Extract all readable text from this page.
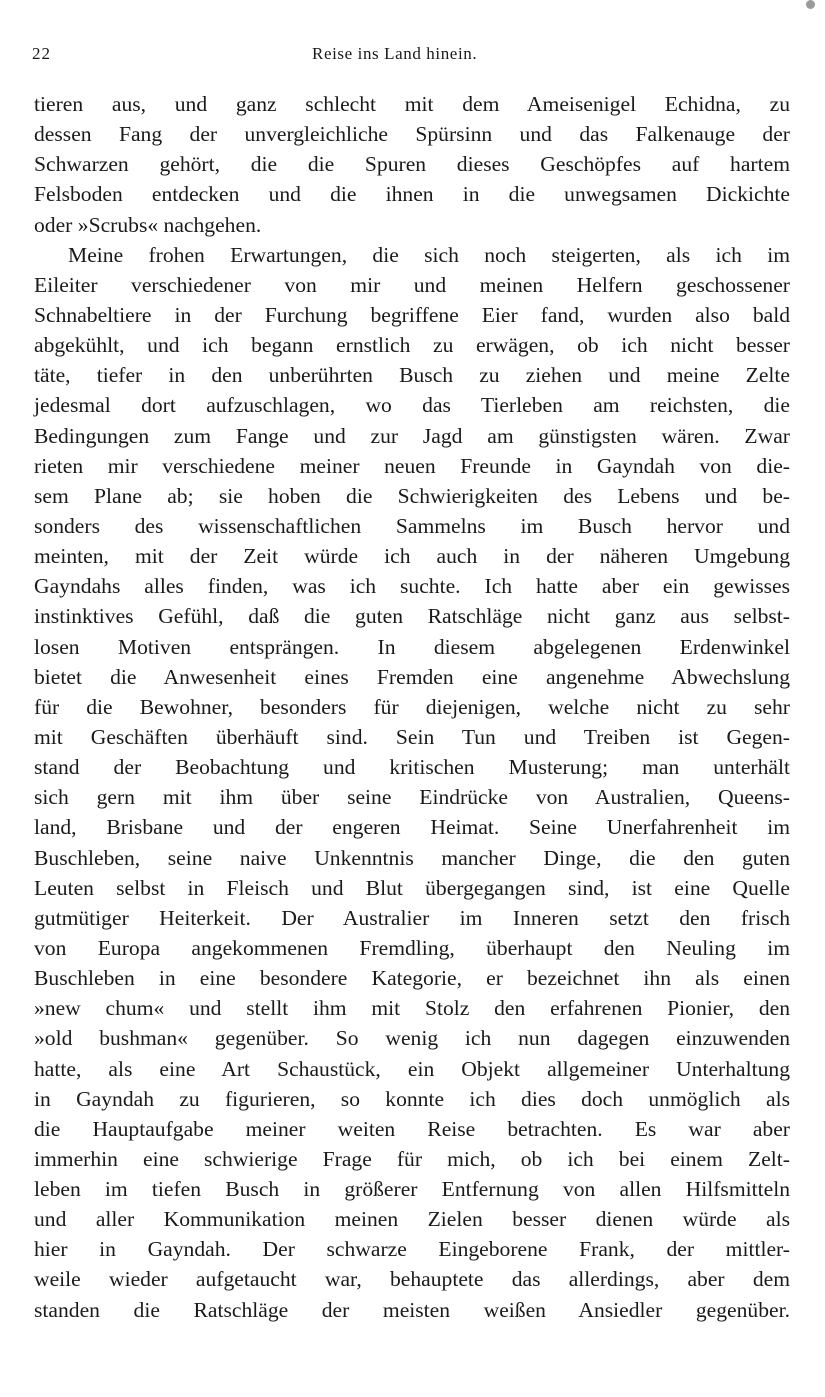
22	Reise ins Land hinein.
tieren aus, und ganz schlecht mit dem Ameisenigel Echidna, zu
dessen Fang der unvergleichliche Spürsinn und das Falkenauge der
Schwarzen gehört, die die Spuren dieses Geschöpfes auf hartem
Felsboden entdecken und die ihnen in die unwegsamen Dickichte
oder »Scrubs« nachgehen.
Meine frohen Erwartungen, die sich noch steigerten, als ich im
Eileiter verschiedener von mir und meinen Helfern geschossener
Schnabeltiere in der Furchung begriffene Eier fand, wurden also bald
abgekühlt, und ich begann ernstlich zu erwägen, ob ich nicht besser
täte, tiefer in den unberührten Busch zu ziehen und meine Zelte
jedesmal dort aufzuschlagen, wo das Tierleben am reichsten, die
Bedingungen zum Fange und zur Jagd am günstigsten wären. Zwar
rieten mir verschiedene meiner neuen Freunde in Gayndah von die-
sem Plane ab; sie hoben die Schwierigkeiten des Lebens und be-
sonders des wissenschaftlichen Sammelns im Busch hervor und
meinten, mit der Zeit würde ich auch in der näheren Umgebung
Gayndahs alles finden, was ich suchte. Ich hatte aber ein gewisses
instinktives Gefühl, daß die guten Ratschläge nicht ganz aus selbst-
losen Motiven entsprängen. In diesem abgelegenen Erdenwinkel
bietet die Anwesenheit eines Fremden eine angenehme Abwechslung
für die Bewohner, besonders für diejenigen, welche nicht zu sehr
mit Geschäften überhäuft sind. Sein Tun und Treiben ist Gegen-
stand der Beobachtung und kritischen Musterung; man unterhält
sich gern mit ihm über seine Eindrücke von Australien, Queens-
land, Brisbane und der engeren Heimat. Seine Unerfahrenheit im
Buschleben, seine naive Unkenntnis mancher Dinge, die den guten
Leuten selbst in Fleisch und Blut übergegangen sind, ist eine Quelle
gutmütiger Heiterkeit. Der Australier im Inneren setzt den frisch
von Europa angekommenen Fremdling, überhaupt den Neuling im
Buschleben in eine besondere Kategorie, er bezeichnet ihn als einen
»new chum« und stellt ihm mit Stolz den erfahrenen Pionier, den
»old bushman« gegenüber. So wenig ich nun dagegen einzuwenden
hatte, als eine Art Schaustück, ein Objekt allgemeiner Unterhaltung
in Gayndah zu figurieren, so konnte ich dies doch unmöglich als
die Hauptaufgabe meiner weiten Reise betrachten. Es war aber
immerhin eine schwierige Frage für mich, ob ich bei einem Zelt-
leben im tiefen Busch in größerer Entfernung von allen Hilfsmitteln
und aller Kommunikation meinen Zielen besser dienen würde als
hier in Gayndah. Der schwarze Eingeborene Frank, der mittler-
weile wieder aufgetaucht war, behauptete das allerdings, aber dem
standen die Ratschläge der meisten weißen Ansiedler gegenüber.
